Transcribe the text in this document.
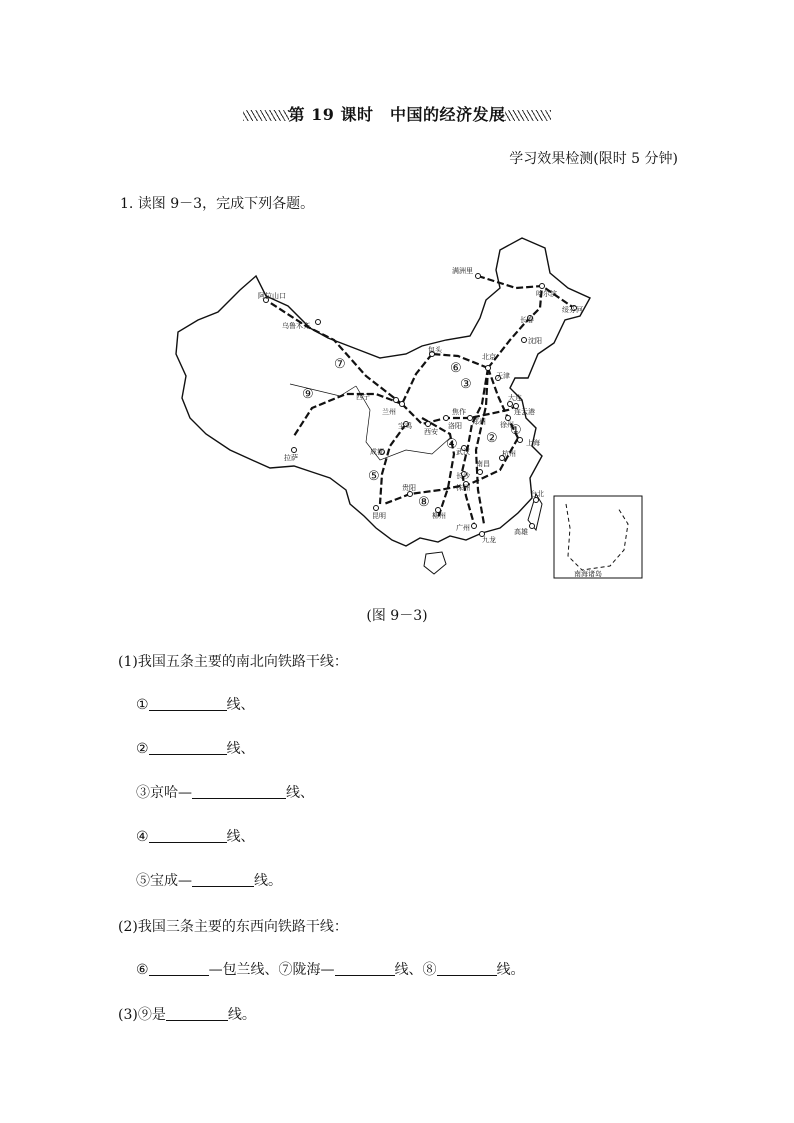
第 19 课时　中国的经济发展
学习效果检测(限时 5 分钟)
1. 读图 9－3，完成下列各题。
南海诸岛
满洲里
哈尔滨
绥芬河
长春
沈阳
阿拉山口
乌鲁木齐
包头
北京
天津
大连
西宁
兰州	焦作
郑州
连云港
徐州
宝鸡
西安
洛阳
上海
杭州
成都	武汉
长沙
南昌
株洲
贵阳
昆明	柳州
广州
九龙
台北
高雄
拉萨
①
②
③
④
⑤
⑥
⑦
⑧
⑨
(图 9－3)
(1)我国五条主要的南北向铁路干线：
①	线、
②	线、
③京哈—	线、
④	线、
⑤宝成—	线。
(2)我国三条主要的东西向铁路干线：
⑥	—包兰线、⑦陇海—	线、⑧	线。
(3)⑨是	线。
